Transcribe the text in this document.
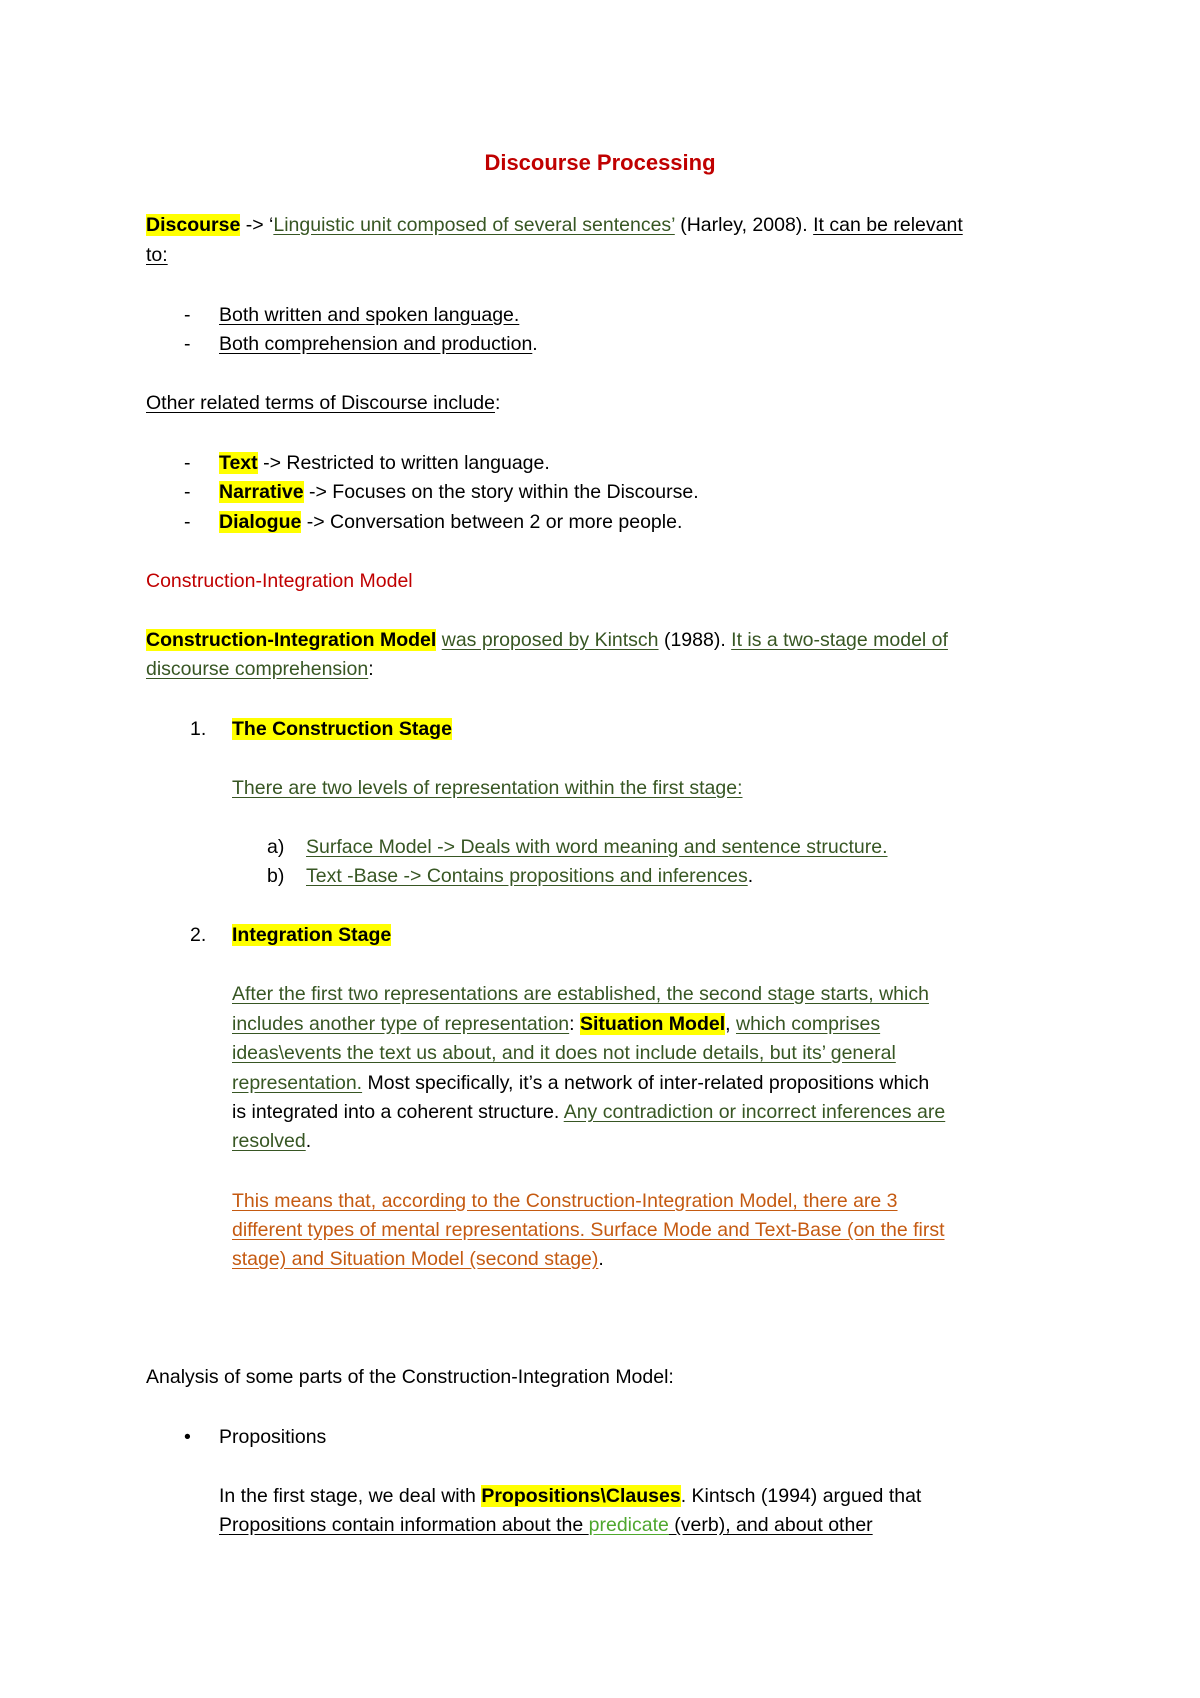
Discourse Processing
Discourse -> ‘Linguistic unit composed of several sentences’ (Harley, 2008). It can be relevant
to:
- Both written and spoken language.
- Both comprehension and production.
Other related terms of Discourse include:
- Text -> Restricted to written language.
- Narrative -> Focuses on the story within the Discourse.
- Dialogue -> Conversation between 2 or more people.
Construction-Integration Model
Construction-Integration Model was proposed by Kintsch (1988). It is a two-stage model of
discourse comprehension:
1. The Construction Stage
There are two levels of representation within the first stage:
a) Surface Model -> Deals with word meaning and sentence structure.
b) Text -Base -> Contains propositions and inferences.
2. Integration Stage
After the first two representations are established, the second stage starts, which
includes another type of representation: Situation Model, which comprises
ideas\events the text us about, and it does not include details, but its’ general
representation. Most specifically, it’s a network of inter-related propositions which
is integrated into a coherent structure. Any contradiction or incorrect inferences are
resolved.
This means that, according to the Construction-Integration Model, there are 3
different types of mental representations. Surface Mode and Text-Base (on the first
stage) and Situation Model (second stage).
Analysis of some parts of the Construction-Integration Model:
• Propositions
In the first stage, we deal with Propositions\Clauses. Kintsch (1994) argued that
Propositions contain information about the predicate (verb), and about other
